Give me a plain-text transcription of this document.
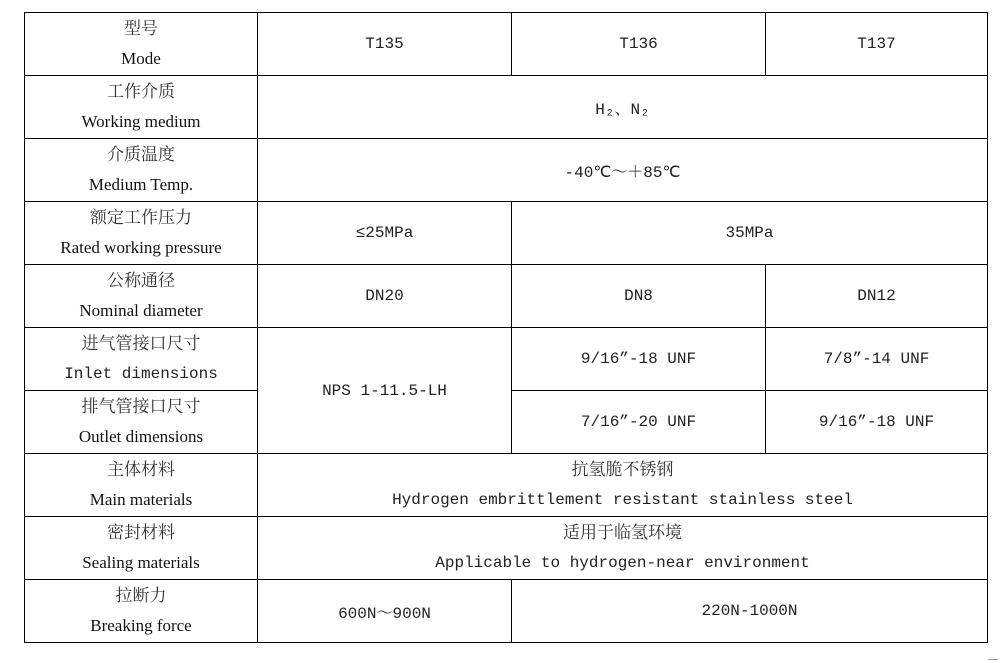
型号
Mode	T135	T136	T137

工作介质
Working medium	H₂、N₂		

介质温度
Medium Temp.	-40℃～＋85℃		

额定工作压力
Rated working pressure	≤25MPa	35MPa	

公称通径
Nominal diameter	DN20	DN8	DN12

进气管接口尺寸
Inlet dimensions	NPS 1-11.5-LH	9/16”-18 UNF	7/8”-14 UNF

排气管接口尺寸
Outlet dimensions		7/16”-20 UNF	9/16”-18 UNF

主体材料
Main materials	抗氢脆不锈钢
Hydrogen embrittlement resistant stainless steel		

密封材料
Sealing materials	适用于临氢环境
Applicable to hydrogen-near environment		

拉断力
Breaking force	600N～900N	220N-1000N	
